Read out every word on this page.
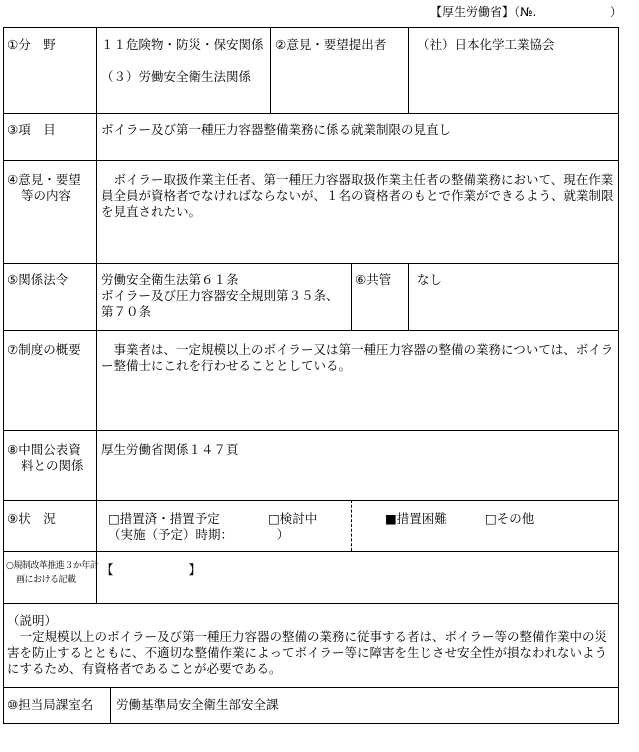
【厚生労働省】（№.	）
①分　野	１１危険物・防災・保安関係
（３）労働安全衛生法関係
②意見・要望提出者 （社）日本化学工業協会
③項　目	ボイラー及び第一種圧力容器整備業務に係る就業制限の見直し
④意見・要望
等の内容
　ボイラー取扱作業主任者、第一種圧力容器取扱作業主任者の整備業務において、現在作業員全員が資格者でなければならないが、１名の資格者のもとで作業ができるよう、就業制限を見直されたい。
⑤関係法令	労働安全衛生法第６１条
ボイラー及び圧力容器安全規則第３５条、第７０条
⑥共管 なし
⑦制度の概要 　事業者は、一定規模以上のボイラー又は第一種圧力容器の整備の業務については、ボイラー整備士にこれを行わせることとしている。
⑧中間公表資
料との関係
厚生労働省関係１４７頁
⑨状　況	□措置済・措置予定
（実施（予定）時期：　　　　）
□検討中	■措置困難	□その他
○規制改革推進３か年計
画における記載
【　　　　　　】
（説明）
　一定規模以上のボイラー及び第一種圧力容器の整備の業務に従事する者は、ボイラー等の整備作業中の災害を防止するとともに、不適切な整備作業によってボイラー等に障害を生じさせ安全性が損なわれないようにするため、有資格者であることが必要である。
⑩担当局課室名 労働基準局安全衛生部安全課
